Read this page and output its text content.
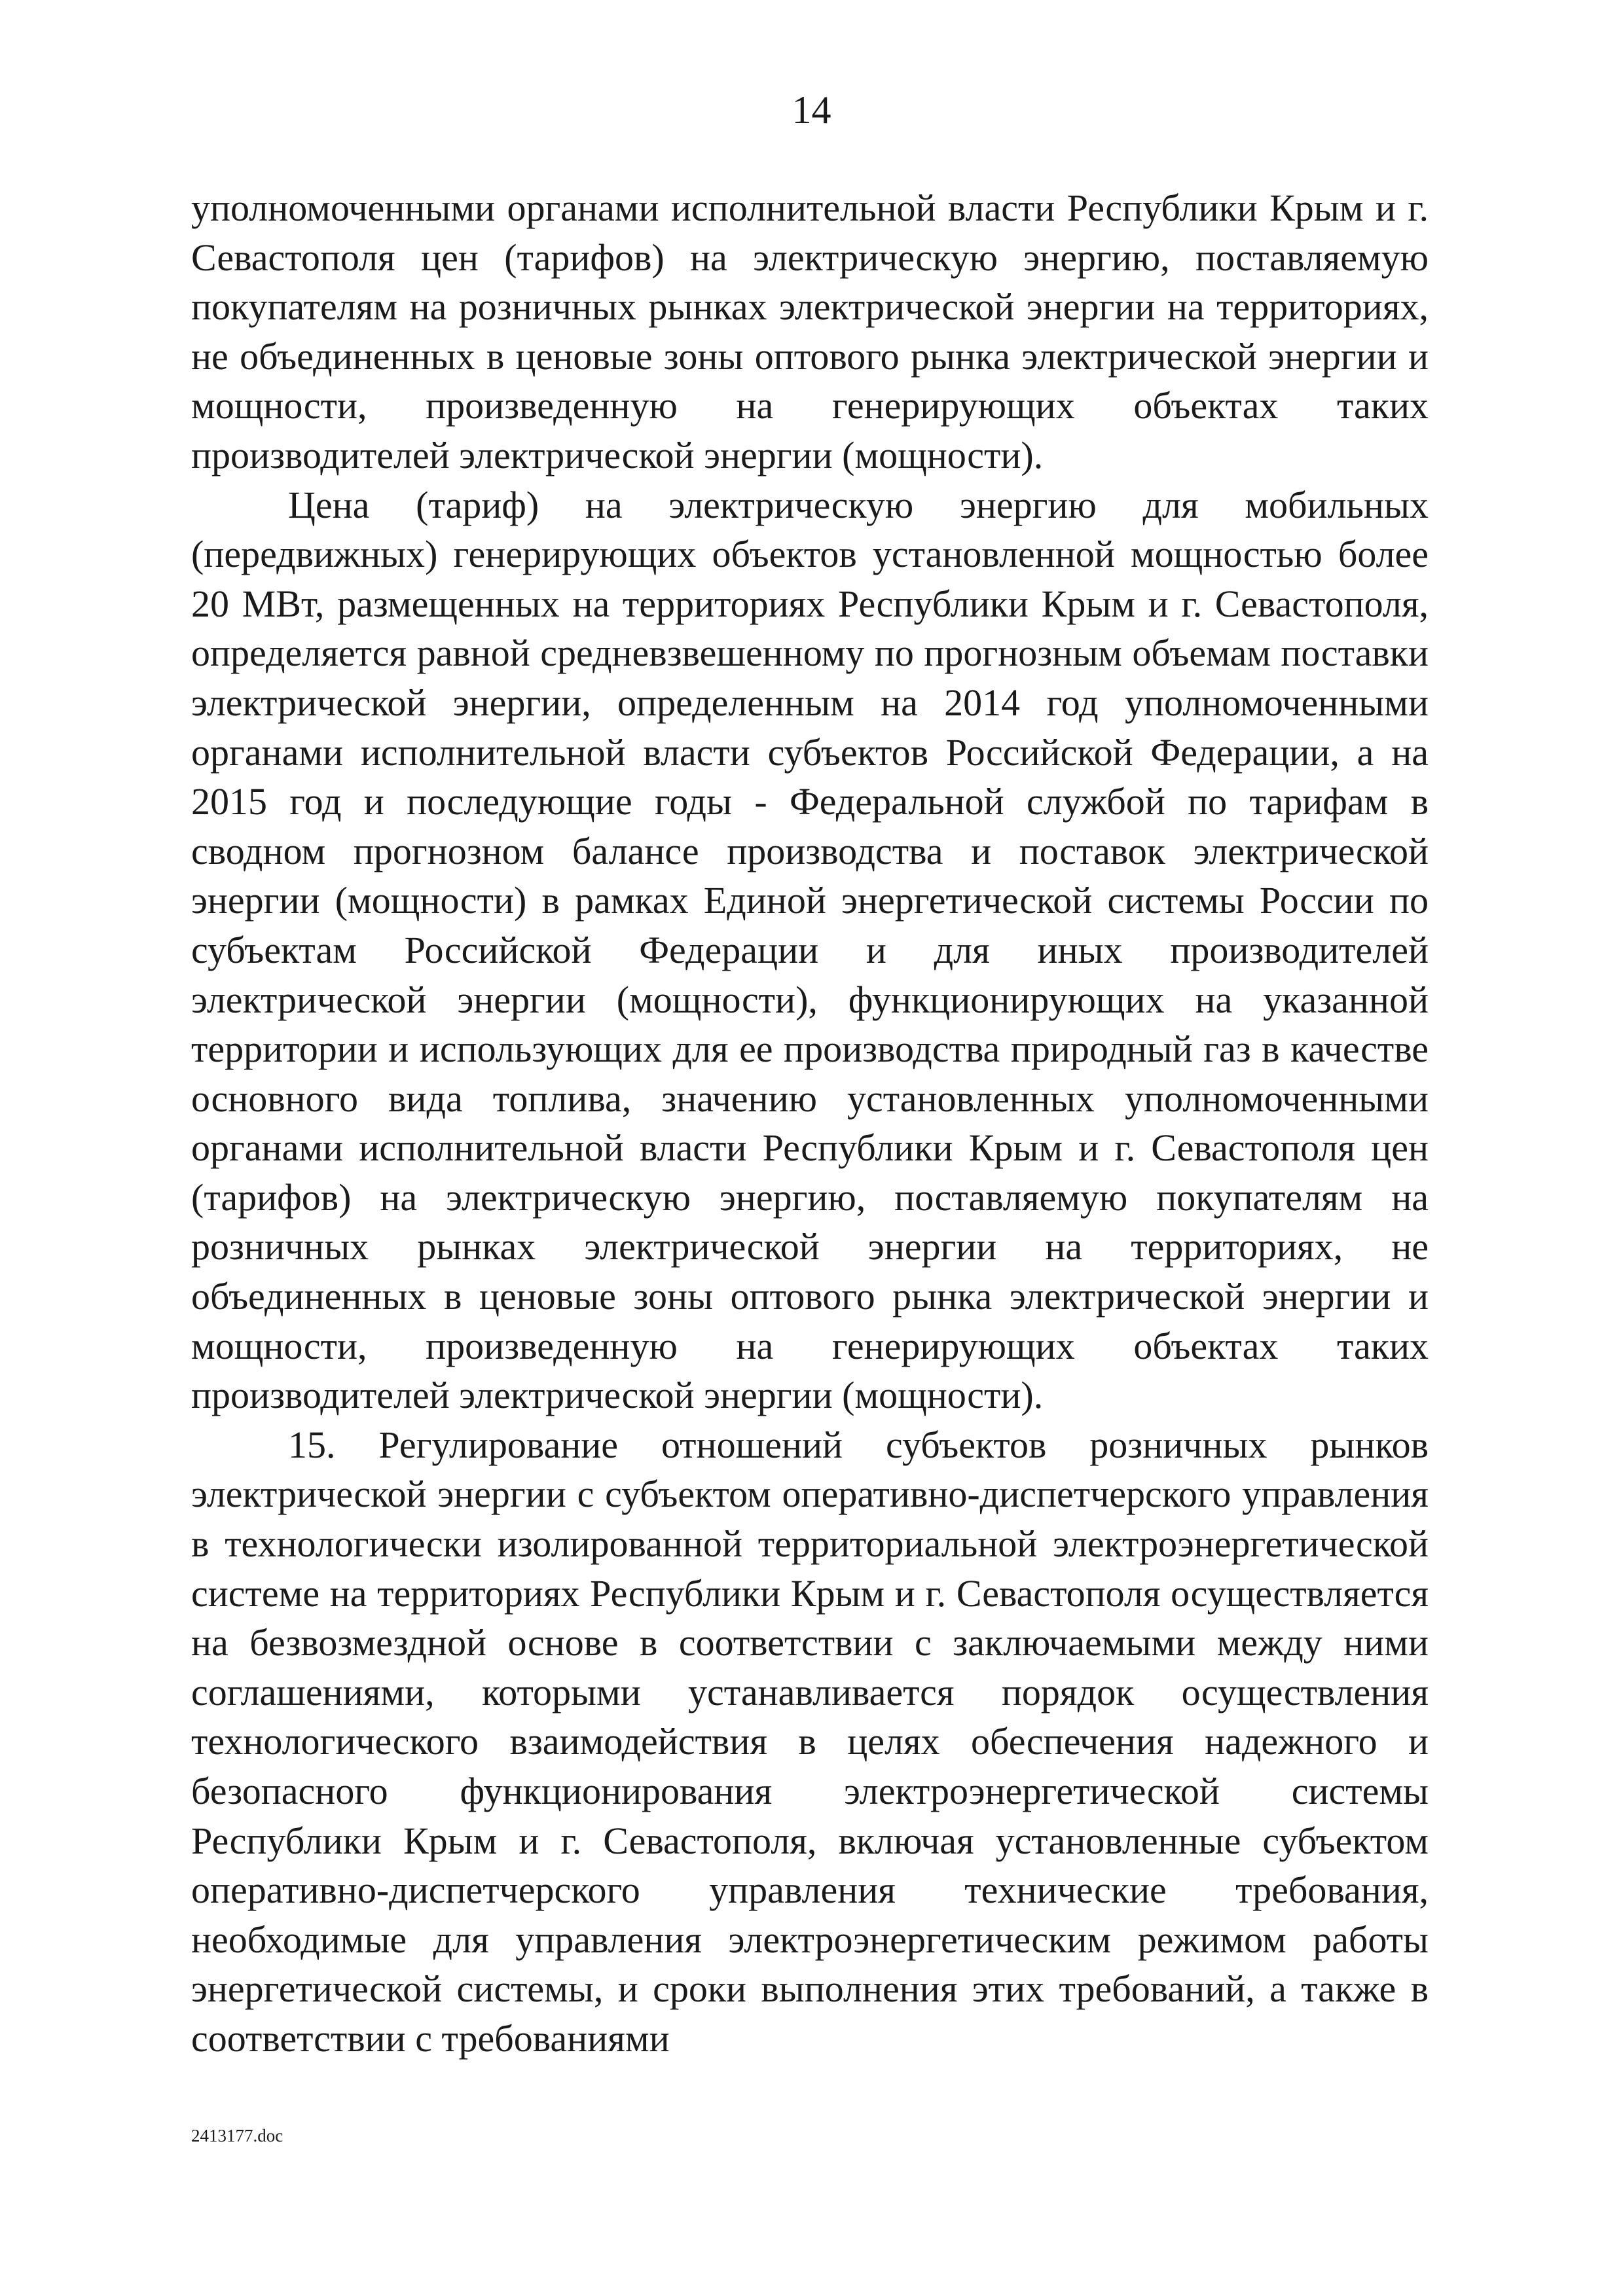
14

уполномоченными органами исполнительной власти Республики Крым и г. Севастополя цен (тарифов) на электрическую энергию, поставляемую покупателям на розничных рынках электрической энергии на территориях, не объединенных в ценовые зоны оптового рынка электрической энергии и мощности, произведенную на генерирующих объектах таких производителей электрической энергии (мощности).

Цена (тариф) на электрическую энергию для мобильных (передвижных) генерирующих объектов установленной мощностью более 20 МВт, размещенных на территориях Республики Крым и г. Севастополя, определяется равной средневзвешенному по прогнозным объемам поставки электрической энергии, определенным на 2014 год уполномоченными органами исполнительной власти субъектов Российской Федерации, а на 2015 год и последующие годы - Федеральной службой по тарифам в сводном прогнозном балансе производства и поставок электрической энергии (мощности) в рамках Единой энергетической системы России по субъектам Российской Федерации и для иных производителей электрической энергии (мощности), функционирующих на указанной территории и использующих для ее производства природный газ в качестве основного вида топлива, значению установленных уполномоченными органами исполнительной власти Республики Крым и г. Севастополя цен (тарифов) на электрическую энергию, поставляемую покупателям на розничных рынках электрической энергии на территориях, не объединенных в ценовые зоны оптового рынка электрической энергии и мощности, произведенную на генерирующих объектах таких производителей электрической энергии (мощности).

15. Регулирование отношений субъектов розничных рынков электрической энергии с субъектом оперативно-диспетчерского управления в технологически изолированной территориальной электроэнергетической системе на территориях Республики Крым и г. Севастополя осуществляется на безвозмездной основе в соответствии с заключаемыми между ними соглашениями, которыми устанавливается порядок осуществления технологического взаимодействия в целях обеспечения надежного и безопасного функционирования электроэнергетической системы Республики Крым и г. Севастополя, включая установленные субъектом оперативно-диспетчерского управления технические требования, необходимые для управления электроэнергетическим режимом работы энергетической системы, и сроки выполнения этих требований, а также в соответствии с требованиями

2413177.doc
